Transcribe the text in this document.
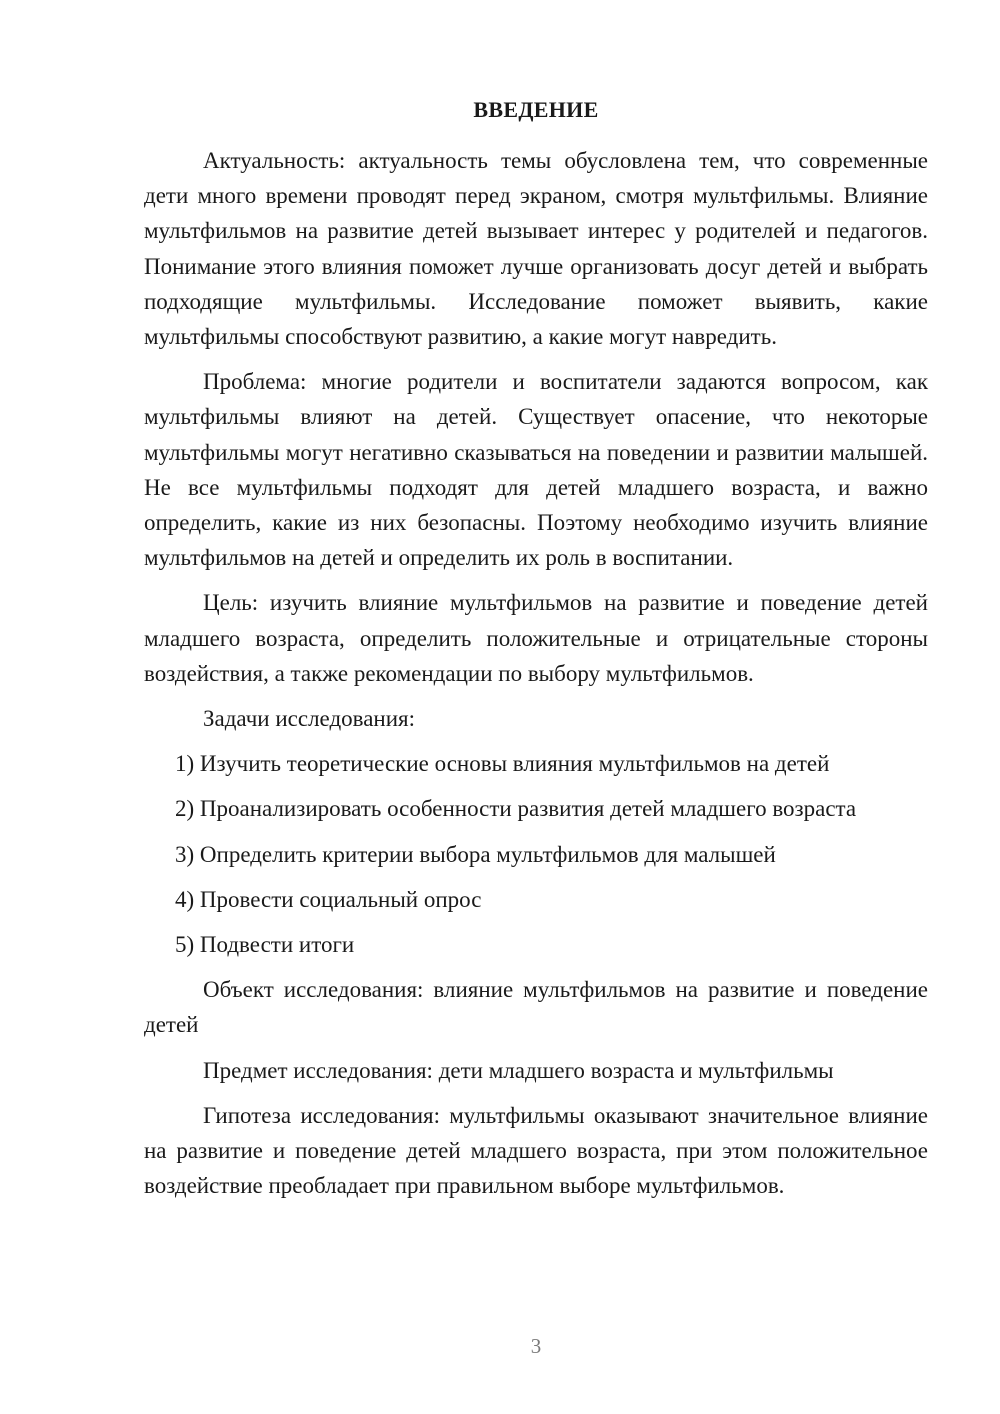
ВВЕДЕНИЕ

Актуальность: актуальность темы обусловлена тем, что современные дети много времени проводят перед экраном, смотря мультфильмы. Влияние мультфильмов на развитие детей вызывает интерес у родителей и педагогов. Понимание этого влияния поможет лучше организовать досуг детей и выбрать подходящие мультфильмы. Исследование поможет выявить, какие мультфильмы способствуют развитию, а какие могут навредить.

Проблема: многие родители и воспитатели задаются вопросом, как мультфильмы влияют на детей. Существует опасение, что некоторые мультфильмы могут негативно сказываться на поведении и развитии малышей. Не все мультфильмы подходят для детей младшего возраста, и важно определить, какие из них безопасны. Поэтому необходимо изучить влияние мультфильмов на детей и определить их роль в воспитании.

Цель: изучить влияние мультфильмов на развитие и поведение детей младшего возраста, определить положительные и отрицательные стороны воздействия, а также рекомендации по выбору мультфильмов.

Задачи исследования:

1) Изучить теоретические основы влияния мультфильмов на детей

2) Проанализировать особенности развития детей младшего возраста

3) Определить критерии выбора мультфильмов для малышей

4) Провести социальный опрос

5) Подвести итоги

Объект исследования: влияние мультфильмов на развитие и поведение детей

Предмет исследования: дети младшего возраста и мультфильмы

Гипотеза исследования: мультфильмы оказывают значительное влияние на развитие и поведение детей младшего возраста, при этом положительное воздействие преобладает при правильном выборе мультфильмов.

3
